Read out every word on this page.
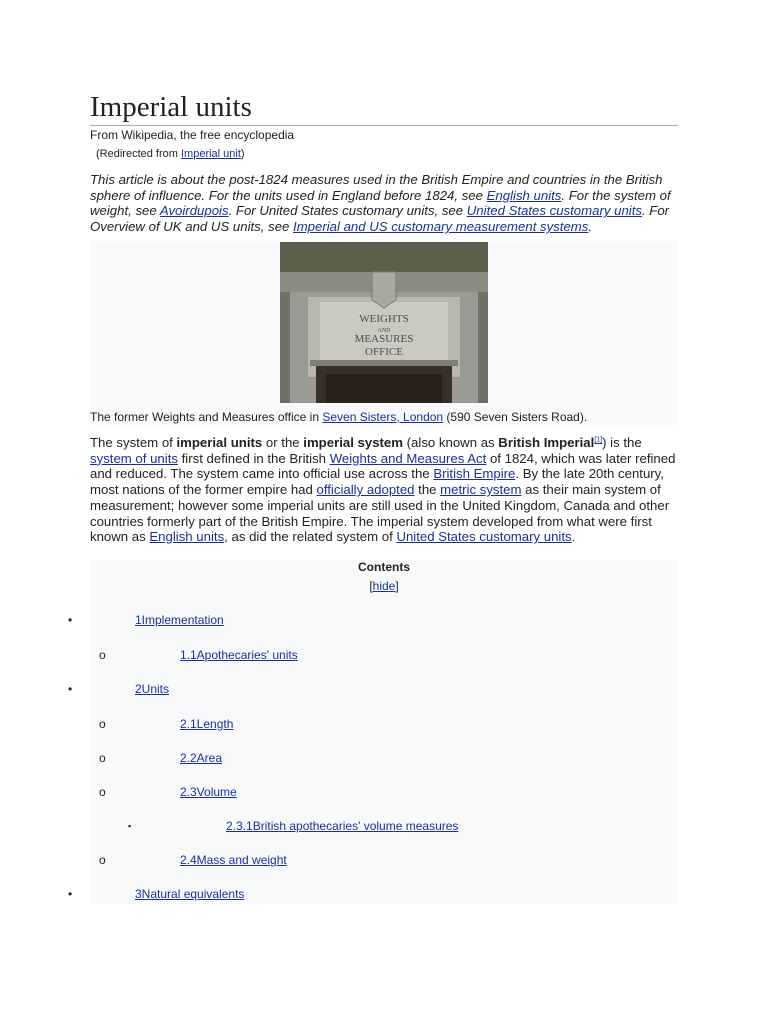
Imperial units
From Wikipedia, the free encyclopedia
(Redirected from Imperial unit)
This article is about the post-1824 measures used in the British Empire and countries in the British sphere of influence. For the units used in England before 1824, see English units. For the system of weight, see Avoirdupois. For United States customary units, see United States customary units. For Overview of UK and US units, see Imperial and US customary measurement systems.
WEIGHTS
AND
MEASURES
OFFICE
The former Weights and Measures office in Seven Sisters, London (590 Seven Sisters Road).
The system of imperial units or the imperial system (also known as British Imperial[1]) is the system of units first defined in the British Weights and Measures Act of 1824, which was later refined and reduced. The system came into official use across the British Empire. By the late 20th century, most nations of the former empire had officially adopted the metric system as their main system of measurement; however some imperial units are still used in the United Kingdom, Canada and other countries formerly part of the British Empire. The imperial system developed from what were first known as English units, as did the related system of United States customary units.
Contents
[hide]
•	1Implementation
o	1.1Apothecaries' units
•	2Units
o	2.1Length
o	2.2Area
o	2.3Volume
▪	2.3.1British apothecaries' volume measures
o	2.4Mass and weight
•	3Natural equivalents
